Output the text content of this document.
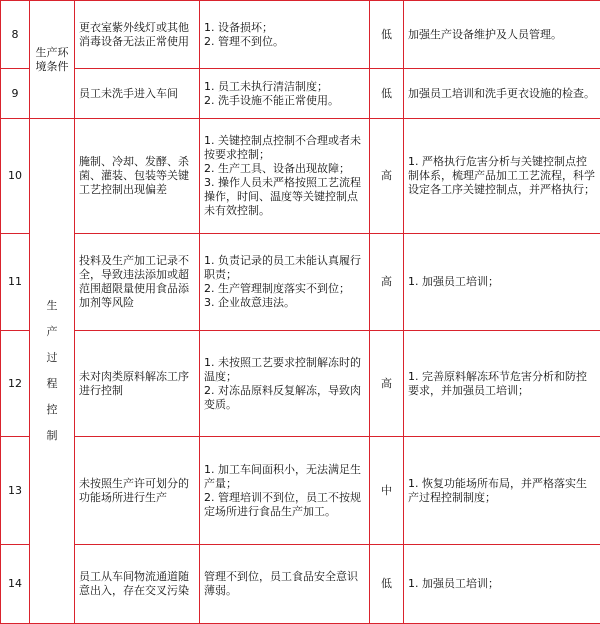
8	生产环境条件	更衣室紫外线灯或其他消毒设备无法正常使用	1. 设备损坏；
2. 管理不到位。	低	加强生产设备维护及人员管理。

9		员工未洗手进入车间	1. 员工未执行清洁制度；
2. 洗手设施不能正常使用。	低	加强员工培训和洗手更衣设施的检查。

10	生产过程控制	腌制、冷却、发酵、杀菌、灌装、包装等关键工艺控制出现偏差	1. 关键控制点控制不合理或者未按要求控制；
2. 生产工具、设备出现故障；
3. 操作人员未严格按照工艺流程操作，时间、温度等关键控制点未有效控制。	高	1. 严格执行危害分析与关键控制点控制体系，梳理产品加工工艺流程，科学设定各工序关键控制点，并严格执行；

11		投料及生产加工记录不全，导致违法添加或超范围超限量使用食品添加剂等风险	1. 负责记录的员工未能认真履行职责；
2. 生产管理制度落实不到位；
3. 企业故意违法。	高	1. 加强员工培训；

12		未对肉类原料解冻工序进行控制	1. 未按照工艺要求控制解冻时的温度；
2. 对冻品原料反复解冻，导致肉变质。	高	1. 完善原料解冻环节危害分析和防控要求，并加强员工培训；

13		未按照生产许可划分的功能场所进行生产	1. 加工车间面积小，无法满足生产量；
2. 管理培训不到位，员工不按规定场所进行食品生产加工。	中	1. 恢复功能场所布局，并严格落实生产过程控制制度；

14		员工从车间物流通道随意出入，存在交叉污染	管理不到位，员工食品安全意识薄弱。	低	1. 加强员工培训；
